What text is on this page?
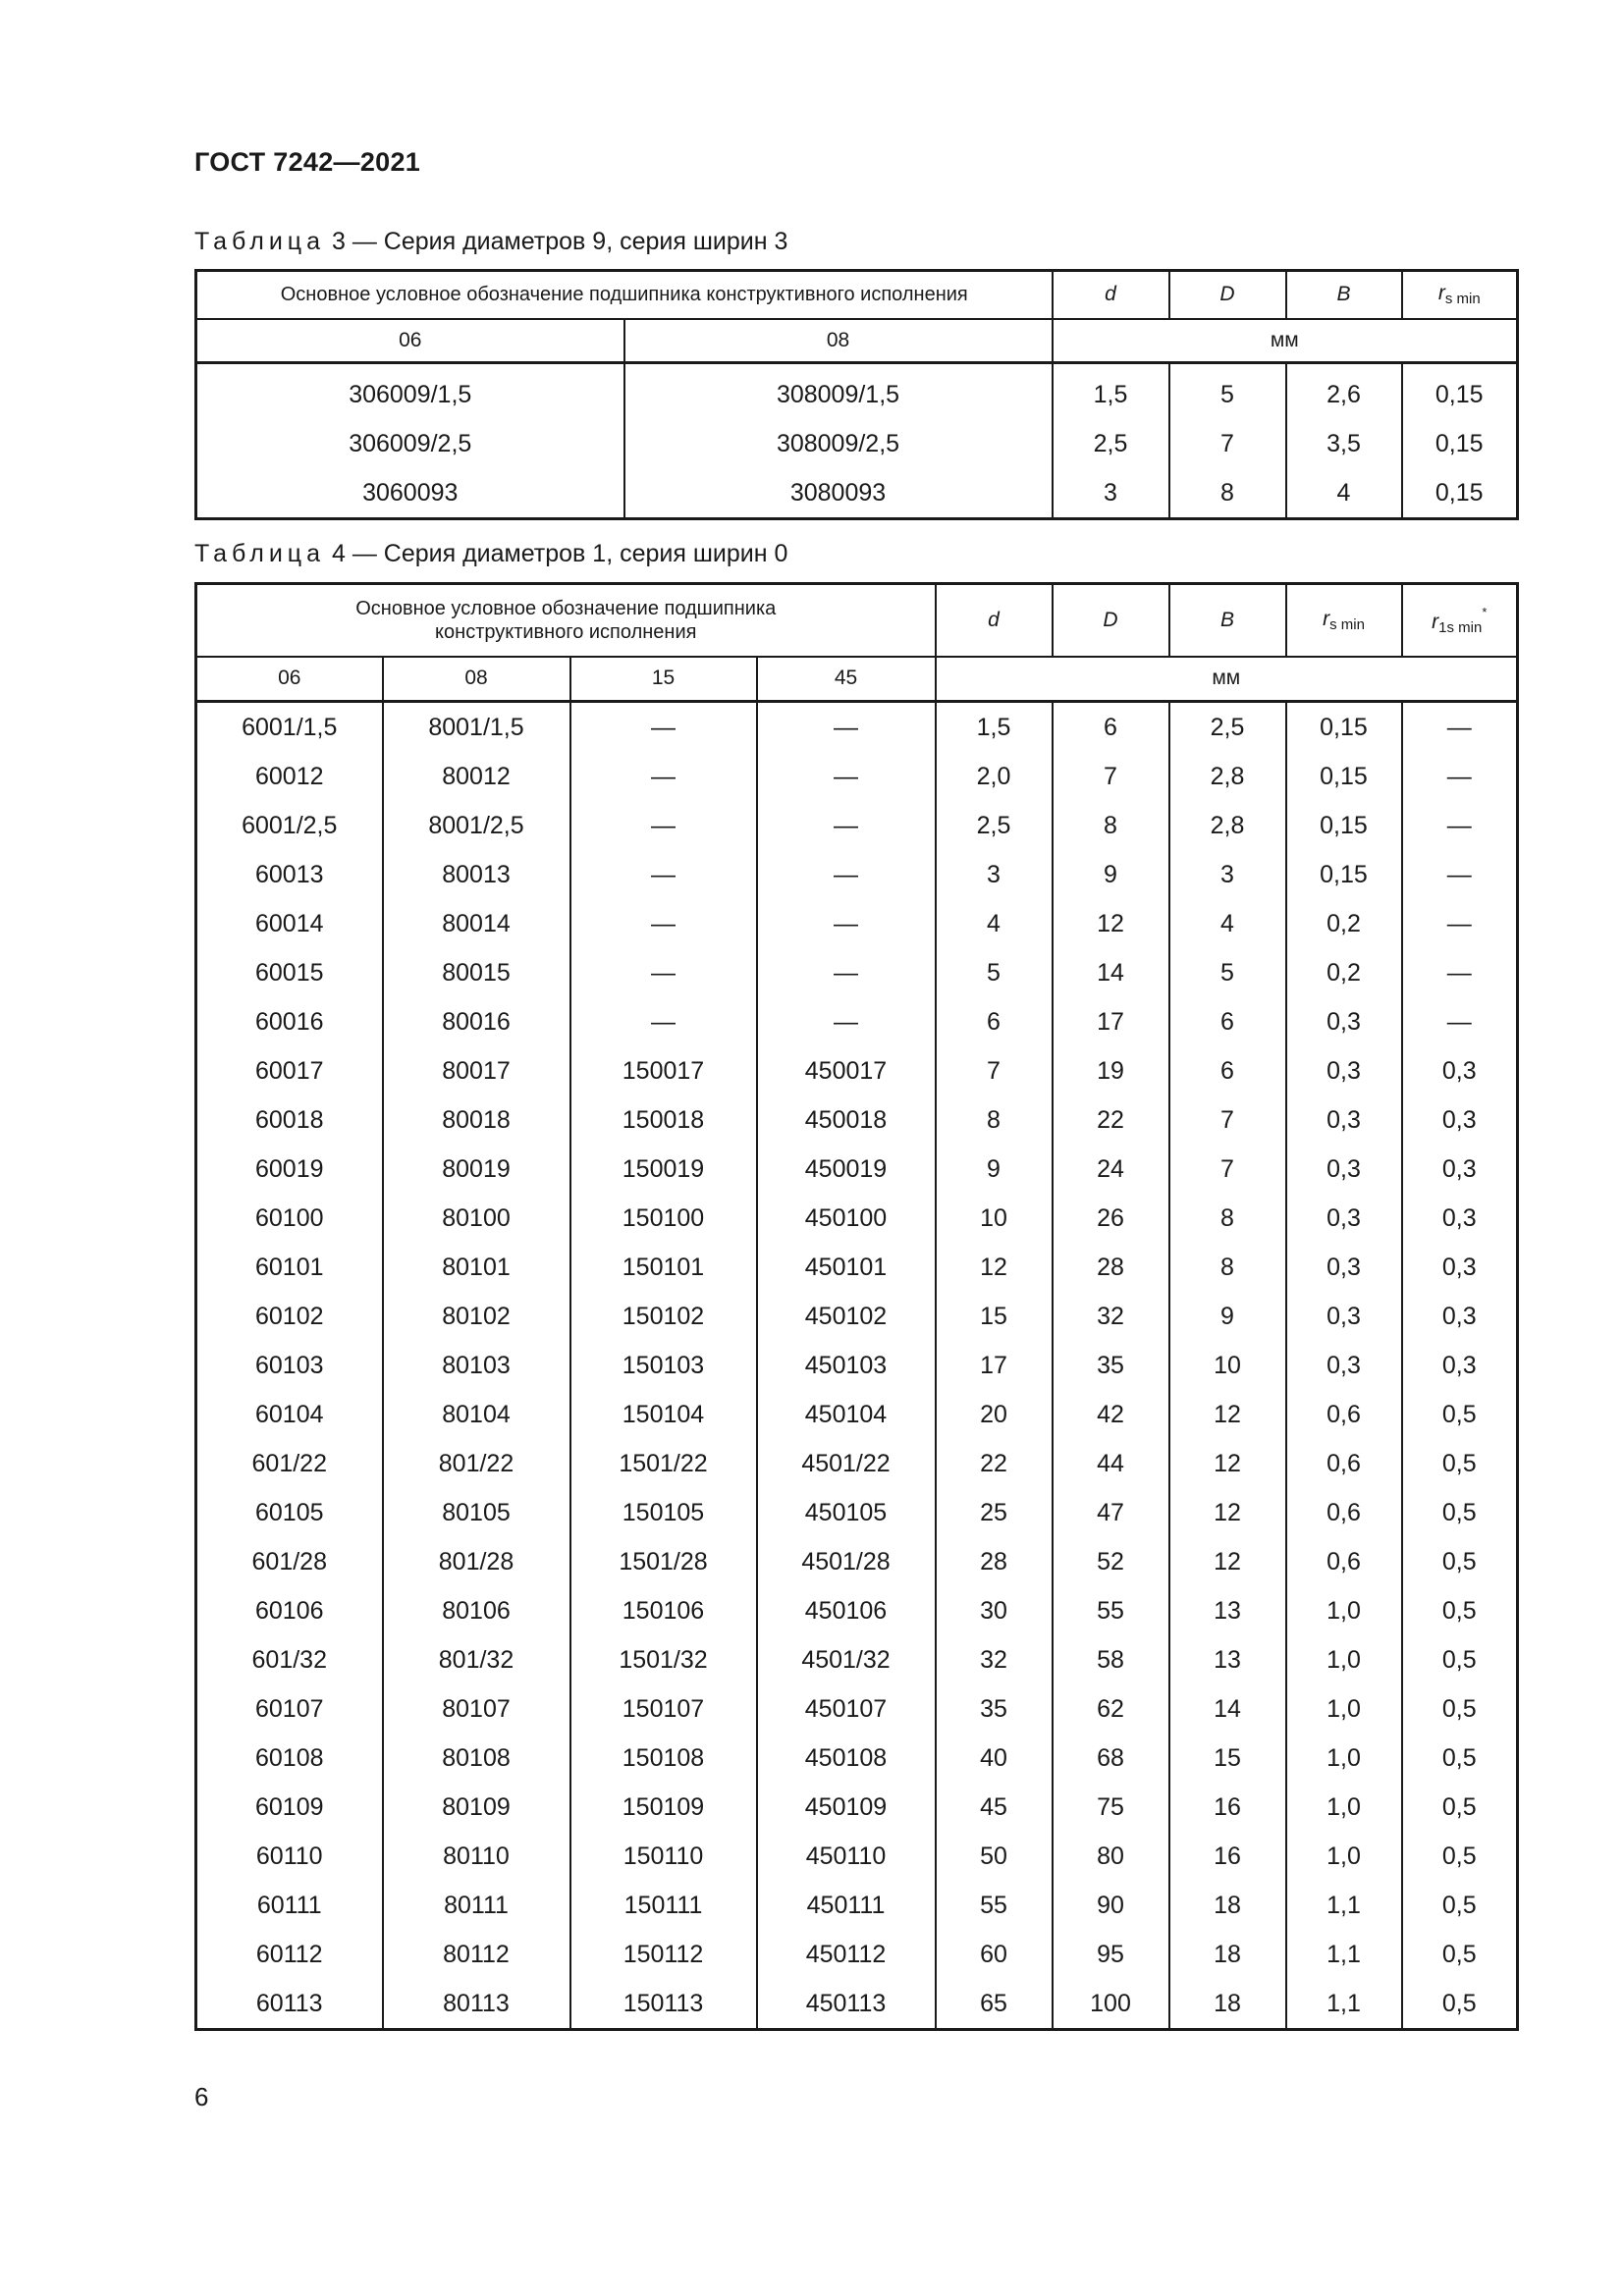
ГОСТ 7242—2021
Таблица 3 — Серия диаметров 9, серия ширин 3
Основное условное обозначение подшипника конструктивного исполнения		d	D	B	$r_{s min}$
06	08	мм			
306009/1,5	308009/1,5	1,5	5	2,6	0,15
306009/2,5	308009/2,5	2,5	7	3,5	0,15
3060093	3080093	3	8	4	0,15
Таблица 4 — Серия диаметров 1, серия ширин 0
Основное условное обозначение подшипника конструктивного исполнения				d	D	B	$r_{s min}$	$r_{1s min}^*$
06	08	15	45	мм				
6001/1,5	8001/1,5	—	—	1,5	6	2,5	0,15	—
60012	80012	—	—	2,0	7	2,8	0,15	—
6001/2,5	8001/2,5	—	—	2,5	8	2,8	0,15	—
60013	80013	—	—	3	9	3	0,15	—
60014	80014	—	—	4	12	4	0,2	—
60015	80015	—	—	5	14	5	0,2	—
60016	80016	—	—	6	17	6	0,3	—
60017	80017	150017	450017	7	19	6	0,3	0,3
60018	80018	150018	450018	8	22	7	0,3	0,3
60019	80019	150019	450019	9	24	7	0,3	0,3
60100	80100	150100	450100	10	26	8	0,3	0,3
60101	80101	150101	450101	12	28	8	0,3	0,3
60102	80102	150102	450102	15	32	9	0,3	0,3
60103	80103	150103	450103	17	35	10	0,3	0,3
60104	80104	150104	450104	20	42	12	0,6	0,5
601/22	801/22	1501/22	4501/22	22	44	12	0,6	0,5
60105	80105	150105	450105	25	47	12	0,6	0,5
601/28	801/28	1501/28	4501/28	28	52	12	0,6	0,5
60106	80106	150106	450106	30	55	13	1,0	0,5
601/32	801/32	1501/32	4501/32	32	58	13	1,0	0,5
60107	80107	150107	450107	35	62	14	1,0	0,5
60108	80108	150108	450108	40	68	15	1,0	0,5
60109	80109	150109	450109	45	75	16	1,0	0,5
60110	80110	150110	450110	50	80	16	1,0	0,5
60111	80111	150111	450111	55	90	18	1,1	0,5
60112	80112	150112	450112	60	95	18	1,1	0,5
60113	80113	150113	450113	65	100	18	1,1	0,5
6
